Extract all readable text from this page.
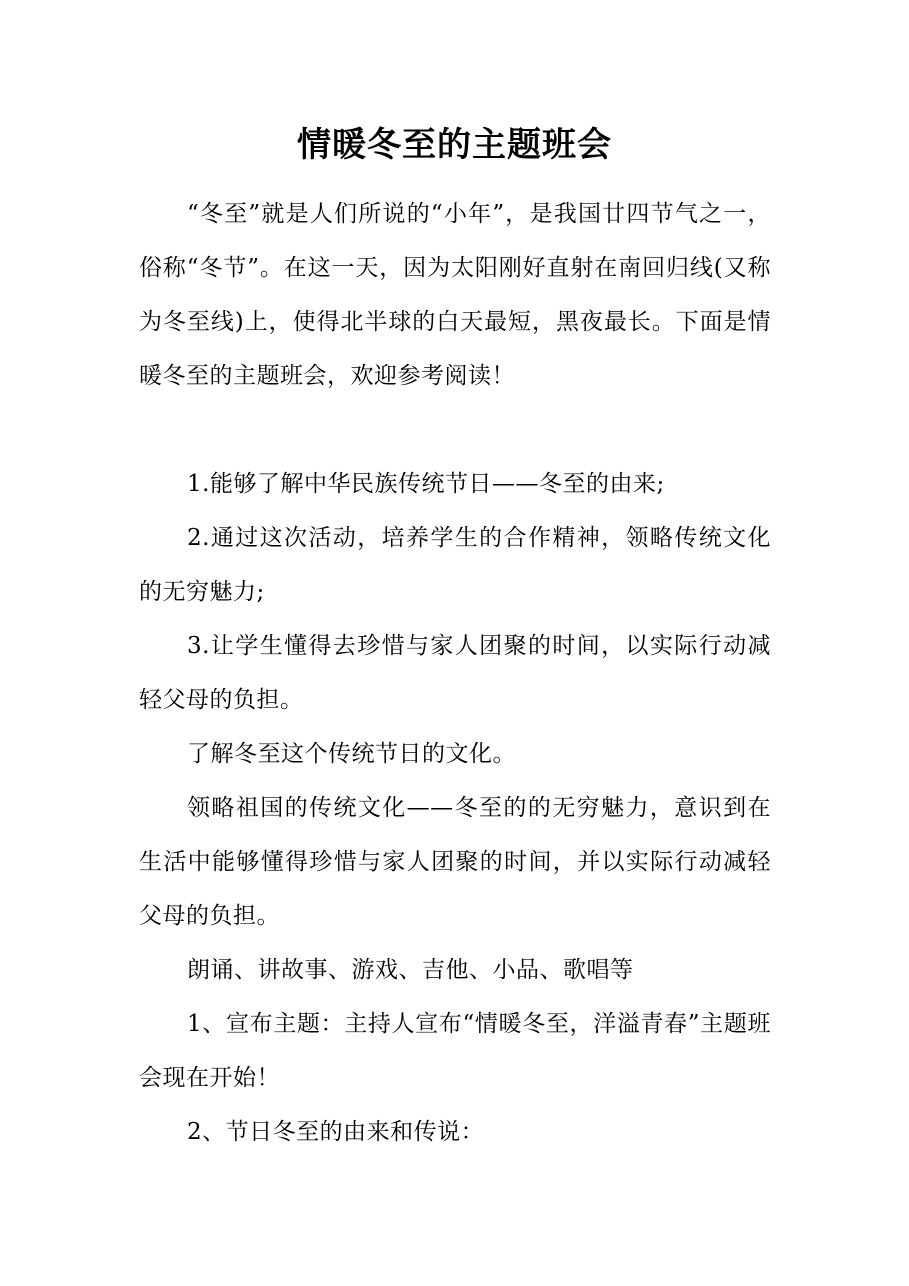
情暖冬至的主题班会

“冬至”就是人们所说的“小年”，是我国廿四节气之一，俗称“冬节”。在这一天，因为太阳刚好直射在南回归线(又称为冬至线)上，使得北半球的白天最短，黑夜最长。下面是情暖冬至的主题班会，欢迎参考阅读！

1.能够了解中华民族传统节日——冬至的由来;

2.通过这次活动，培养学生的合作精神，领略传统文化的无穷魅力;

3.让学生懂得去珍惜与家人团聚的时间，以实际行动减轻父母的负担。

了解冬至这个传统节日的文化。

领略祖国的传统文化——冬至的的无穷魅力，意识到在生活中能够懂得珍惜与家人团聚的时间，并以实际行动减轻父母的负担。

朗诵、讲故事、游戏、吉他、小品、歌唱等

1、宣布主题：主持人宣布“情暖冬至，洋溢青春”主题班会现在开始！

2、节日冬至的由来和传说：
